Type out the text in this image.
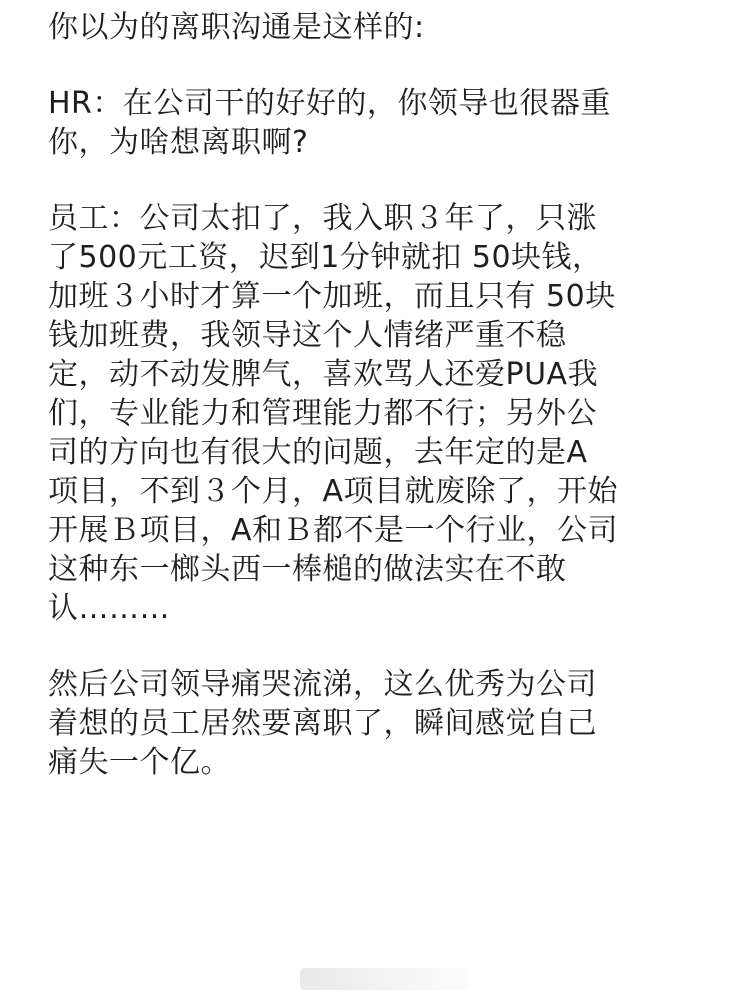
你以为的离职沟通是这样的:

HR：在公司干的好好的，你领导也很器重
你，为啥想离职啊?

员工：公司太扣了，我入职３年了，只涨
了500元工资，迟到1分钟就扣 50块钱，
加班３小时才算一个加班，而且只有 50块
钱加班费，我领导这个人情绪严重不稳
定，动不动发脾气，喜欢骂人还爱PUA我
们，专业能力和管理能力都不行；另外公
司的方向也有很大的问题，去年定的是A
项目，不到３个月，A项目就废除了，开始
开展Ｂ项目，A和Ｂ都不是一个行业，公司
这种东一榔头西一棒槌的做法实在不敢
认………

然后公司领导痛哭流涕，这么优秀为公司
着想的员工居然要离职了，瞬间感觉自己
痛失一个亿。
